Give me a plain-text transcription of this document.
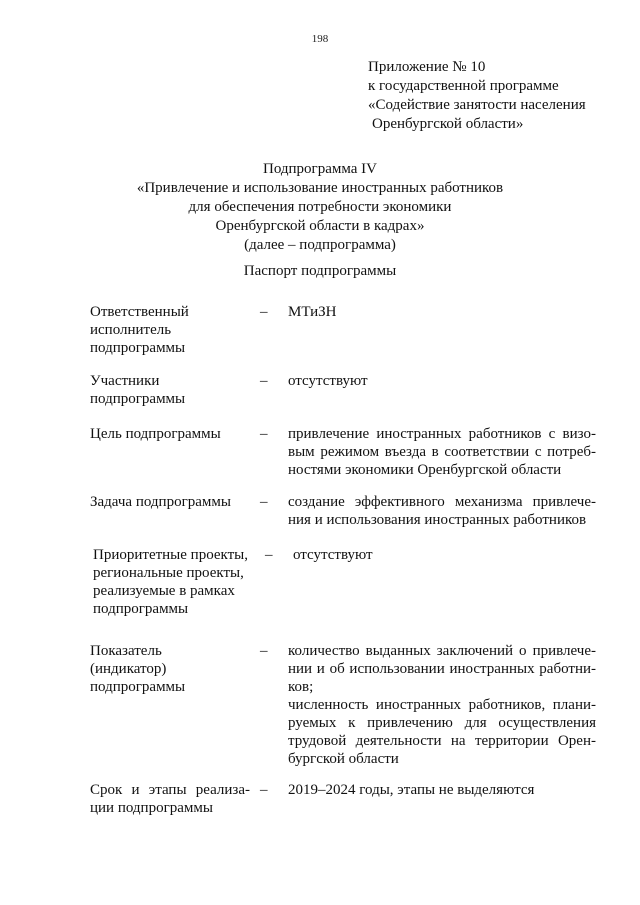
198
Приложение № 10
к государственной программе
«Содействие занятости населения
Оренбургской области»
Подпрограмма IV
«Привлечение и использование иностранных работников
для обеспечения потребности экономики
Оренбургской области в кадрах»
(далее – подпрограмма)
Паспорт подпрограммы
Ответственный
исполнитель
подпрограммы
– МТиЗН
Участники
подпрограммы
– отсутствуют
Цель подпрограммы	– привлечение иностранных работников с визо-
вым режимом въезда в соответствии с потреб-
ностями экономики Оренбургской области
Задача подпрограммы – создание эффективного механизма привлече-
ния и использования иностранных работников
Приоритетные проекты,
региональные проекты,
реализуемые в рамках
подпрограммы
– отсутствуют
Показатель
(индикатор)
подпрограммы
– количество выданных заключений о привлече-
нии и об использовании иностранных работни-
ков;
численность иностранных работников, плани-
руемых к привлечению для осуществления
трудовой деятельности на территории Орен-
бургской области
Срок и этапы реализа-
ции подпрограммы
– 2019–2024 годы, этапы не выделяются
